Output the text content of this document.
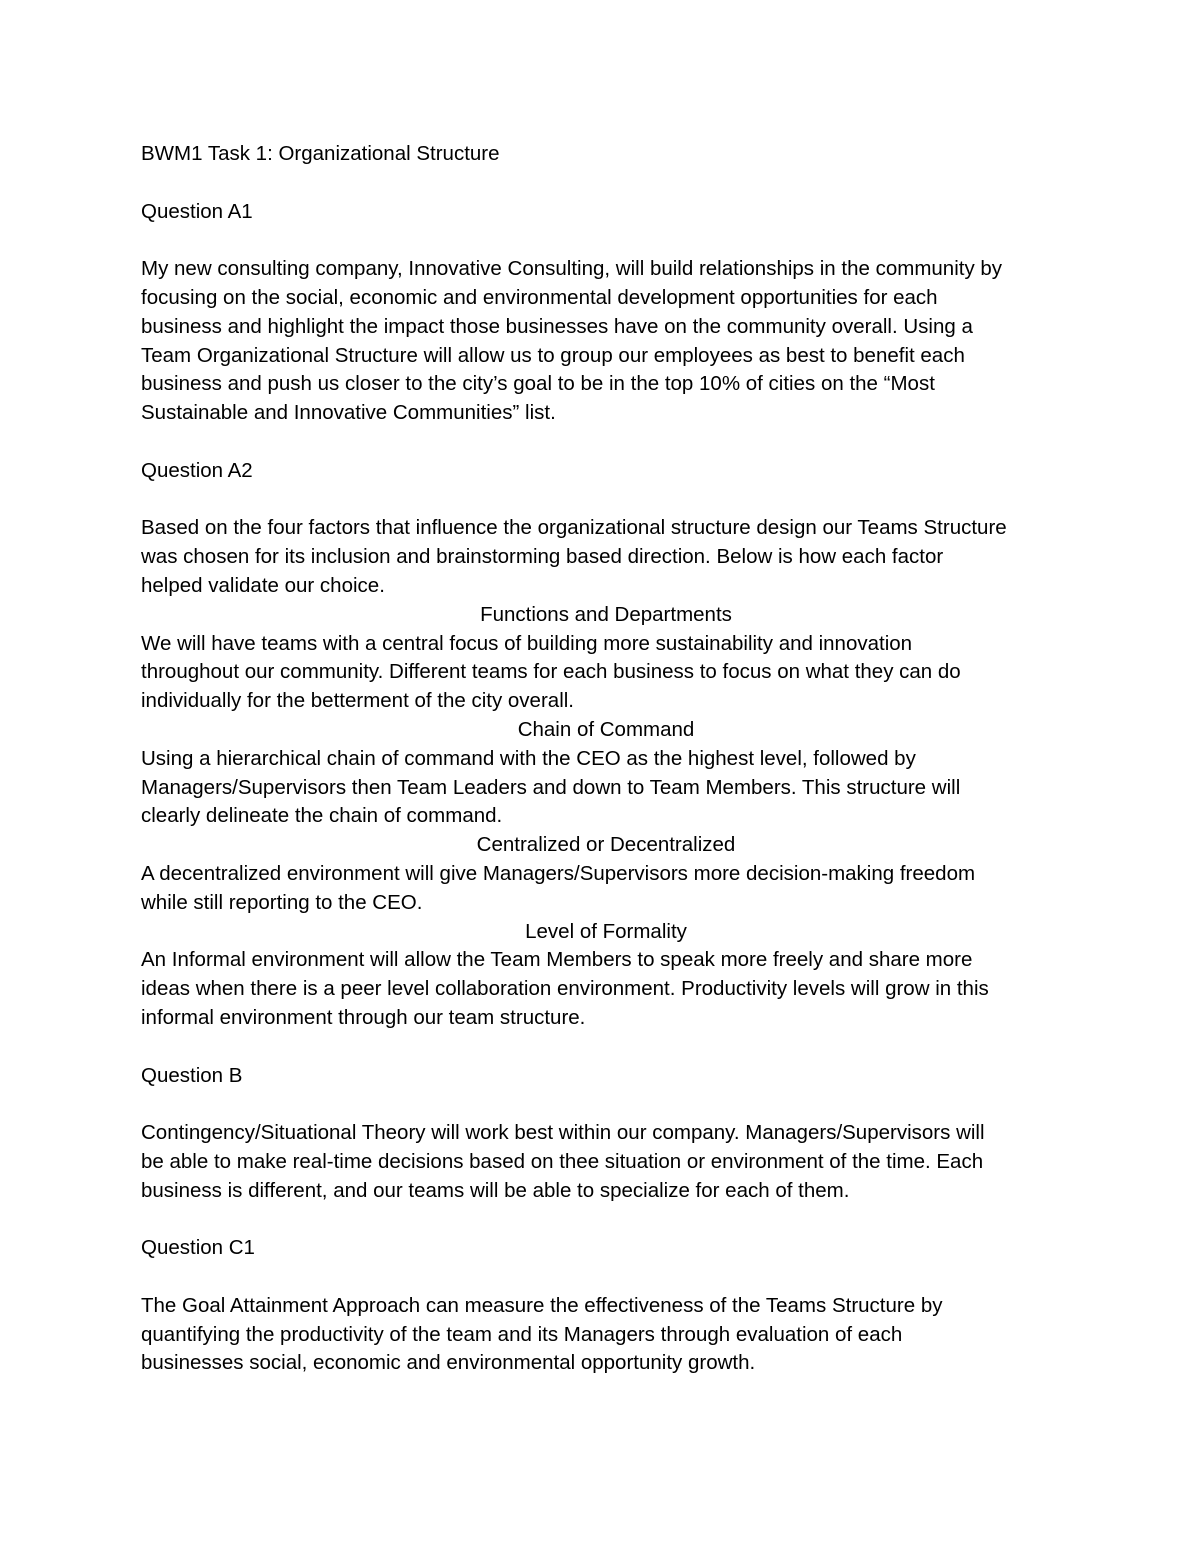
BWM1 Task 1: Organizational Structure
Question A1
My new consulting company, Innovative Consulting, will build relationships in the community by
focusing on the social, economic and environmental development opportunities for each
business and highlight the impact those businesses have on the community overall. Using a
Team Organizational Structure will allow us to group our employees as best to benefit each
business and push us closer to the city’s goal to be in the top 10% of cities on the “Most
Sustainable and Innovative Communities” list.
Question A2
Based on the four factors that influence the organizational structure design our Teams Structure
was chosen for its inclusion and brainstorming based direction. Below is how each factor
helped validate our choice.
Functions and Departments
We will have teams with a central focus of building more sustainability and innovation
throughout our community. Different teams for each business to focus on what they can do
individually for the betterment of the city overall.
Chain of Command
Using a hierarchical chain of command with the CEO as the highest level, followed by
Managers/Supervisors then Team Leaders and down to Team Members. This structure will
clearly delineate the chain of command.
Centralized or Decentralized
A decentralized environment will give Managers/Supervisors more decision-making freedom
while still reporting to the CEO.
Level of Formality
An Informal environment will allow the Team Members to speak more freely and share more
ideas when there is a peer level collaboration environment. Productivity levels will grow in this
informal environment through our team structure.
Question B
Contingency/Situational Theory will work best within our company. Managers/Supervisors will
be able to make real-time decisions based on thee situation or environment of the time. Each
business is different, and our teams will be able to specialize for each of them.
Question C1
The Goal Attainment Approach can measure the effectiveness of the Teams Structure by
quantifying the productivity of the team and its Managers through evaluation of each
businesses social, economic and environmental opportunity growth.
